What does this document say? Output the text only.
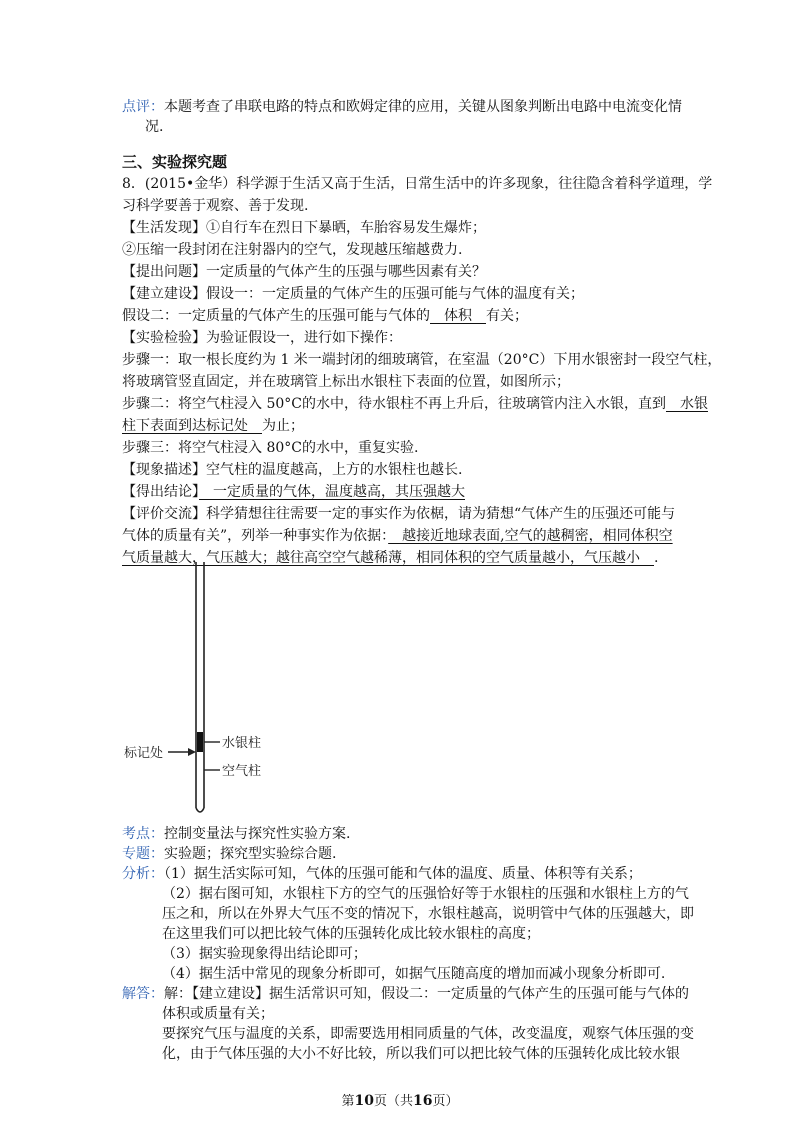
点评：本题考查了串联电路的特点和欧姆定律的应用，关键从图象判断出电路中电流变化情
况.
三、实验探究题
8．(2015•金华）科学源于生活又高于生活，日常生活中的许多现象，往往隐含着科学道理，学
习科学要善于观察、善于发现.
【生活发现】①自行车在烈日下暴晒，车胎容易发生爆炸；
②压缩一段封闭在注射器内的空气，发现越压缩越费力.
【提出问题】一定质量的气体产生的压强与哪些因素有关？
【建立建设】假设一：一定质量的气体产生的压强可能与气体的温度有关；
假设二：一定质量的气体产生的压强可能与气体的　体积　有关；
【实验检验】为验证假设一，进行如下操作：
步骤一：取一根长度约为 1 米一端封闭的细玻璃管，在室温（20°C）下用水银密封一段空气柱，
将玻璃管竖直固定，并在玻璃管上标出水银柱下表面的位置，如图所示；
步骤二：将空气柱浸入 50°C的水中，待水银柱不再上升后，往玻璃管内注入水银，直到　水银
柱下表面到达标记处　为止；
步骤三：将空气柱浸入 80°C的水中，重复实验.
【现象描述】空气柱的温度越高，上方的水银柱也越长.
【得出结论】　一定质量的气体，温度越高，其压强越大
【评价交流】科学猜想往往需要一定的事实作为依椐，请为猜想“气体产生的压强还可能与
气体的质量有关”，列举一种事实作为依据：　越接近地球表面,空气的越稠密，相同体积空
气质量越大，气压越大；越往高空空气越稀薄，相同体积的空气质量越小，气压越小　.
标记处
水银柱
空气柱
考点：控制变量法与探究性实验方案.
专题：实验题；探究型实验综合题.
分析：（1）据生活实际可知，气体的压强可能和气体的温度、质量、体积等有关系；
（2）据右图可知，水银柱下方的空气的压强恰好等于水银柱的压强和水银柱上方的气
压之和，所以在外界大气压不变的情况下，水银柱越高，说明管中气体的压强越大，即
在这里我们可以把比较气体的压强转化成比较水银柱的高度；
（3）据实验现象得出结论即可；
（4）据生活中常见的现象分析即可，如据气压随高度的增加而减小现象分析即可.
解答：解：【建立建设】据生活常识可知，假设二：一定质量的气体产生的压强可能与气体的
体积或质量有关；
要探究气压与温度的关系，即需要选用相同质量的气体，改变温度，观察气体压强的变
化，由于气体压强的大小不好比较，所以我们可以把比较气体的压强转化成比较水银
第10页（共16页）
